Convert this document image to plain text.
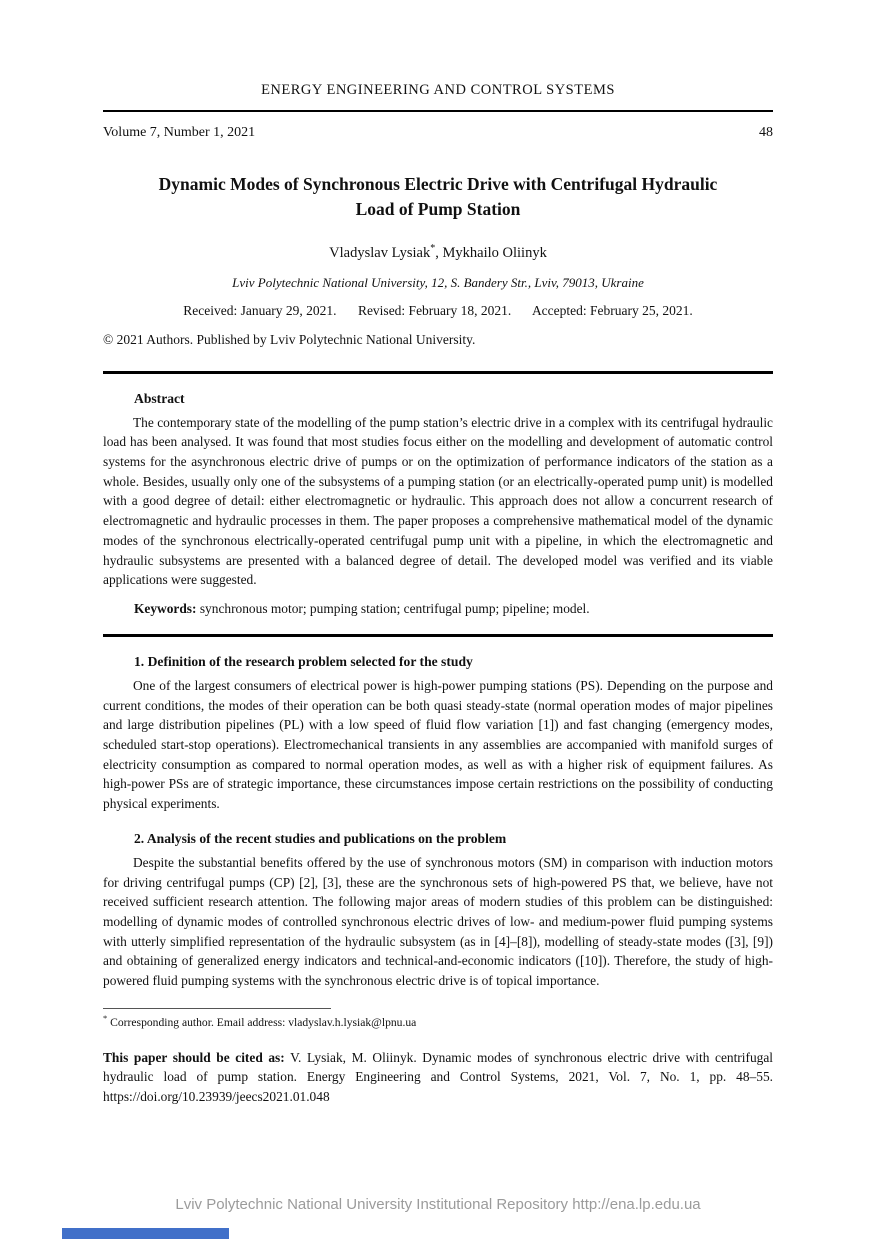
ENERGY ENGINEERING AND CONTROL SYSTEMS
Volume 7, Number 1, 2021	48
Dynamic Modes of Synchronous Electric Drive with Centrifugal Hydraulic
Load of Pump Station
Vladyslav Lysiak*, Mykhailo Oliinyk
Lviv Polytechnic National University, 12, S. Bandery Str., Lviv, 79013, Ukraine
Received: January 29, 2021. Revised: February 18, 2021. Accepted: February 25, 2021.
© 2021 Authors. Published by Lviv Polytechnic National University.
Abstract

The contemporary state of the modelling of the pump station’s electric drive in a complex with its centrifugal hydraulic load has been analysed. It was found that most studies focus either on the modelling and development of automatic control systems for the asynchronous electric drive of pumps or on the optimization of performance indicators of the station as a whole. Besides, usually only one of the subsystems of a pumping station (or an electrically-operated pump unit) is modelled with a good degree of detail: either electromagnetic or hydraulic. This approach does not allow a concurrent research of electromagnetic and hydraulic processes in them. The paper proposes a comprehensive mathematical model of the dynamic modes of the synchronous electrically-operated centrifugal pump unit with a pipeline, in which the electromagnetic and hydraulic subsystems are presented with a balanced degree of detail. The developed model was verified and its viable applications were suggested.

Keywords: synchronous motor; pumping station; centrifugal pump; pipeline; model.
1. Definition of the research problem selected for the study

One of the largest consumers of electrical power is high-power pumping stations (PS). Depending on the purpose and current conditions, the modes of their operation can be both quasi steady-state (normal operation modes of major pipelines and large distribution pipelines (PL) with a low speed of fluid flow variation [1]) and fast changing (emergency modes, scheduled start-stop operations). Electromechanical transients in any assemblies are accompanied with manifold surges of electricity consumption as compared to normal operation modes, as well as with a higher risk of equipment failures. As high-power PSs are of strategic importance, these circumstances impose certain restrictions on the possibility of conducting physical experiments.

2. Analysis of the recent studies and publications on the problem

Despite the substantial benefits offered by the use of synchronous motors (SM) in comparison with induction motors for driving centrifugal pumps (CP) [2], [3], these are the synchronous sets of high-powered PS that, we believe, have not received sufficient research attention. The following major areas of modern studies of this problem can be distinguished: modelling of dynamic modes of controlled synchronous electric drives of low- and medium-power fluid pumping systems with utterly simplified representation of the hydraulic subsystem (as in [4]–[8]), modelling of steady-state modes ([3], [9]) and obtaining of generalized energy indicators and technical-and-economic indicators ([10]). Therefore, the study of high-powered fluid pumping systems with the synchronous electric drive is of topical importance.

* Corresponding author. Email address: vladyslav.h.lysiak@lpnu.ua
This paper should be cited as: V. Lysiak, M. Oliinyk. Dynamic modes of synchronous electric drive with centrifugal hydraulic load of pump station. Energy Engineering and Control Systems, 2021, Vol. 7, No. 1, pp. 48–55. https://doi.org/10.23939/jeecs2021.01.048
Lviv Polytechnic National University Institutional Repository http://ena.lp.edu.ua
